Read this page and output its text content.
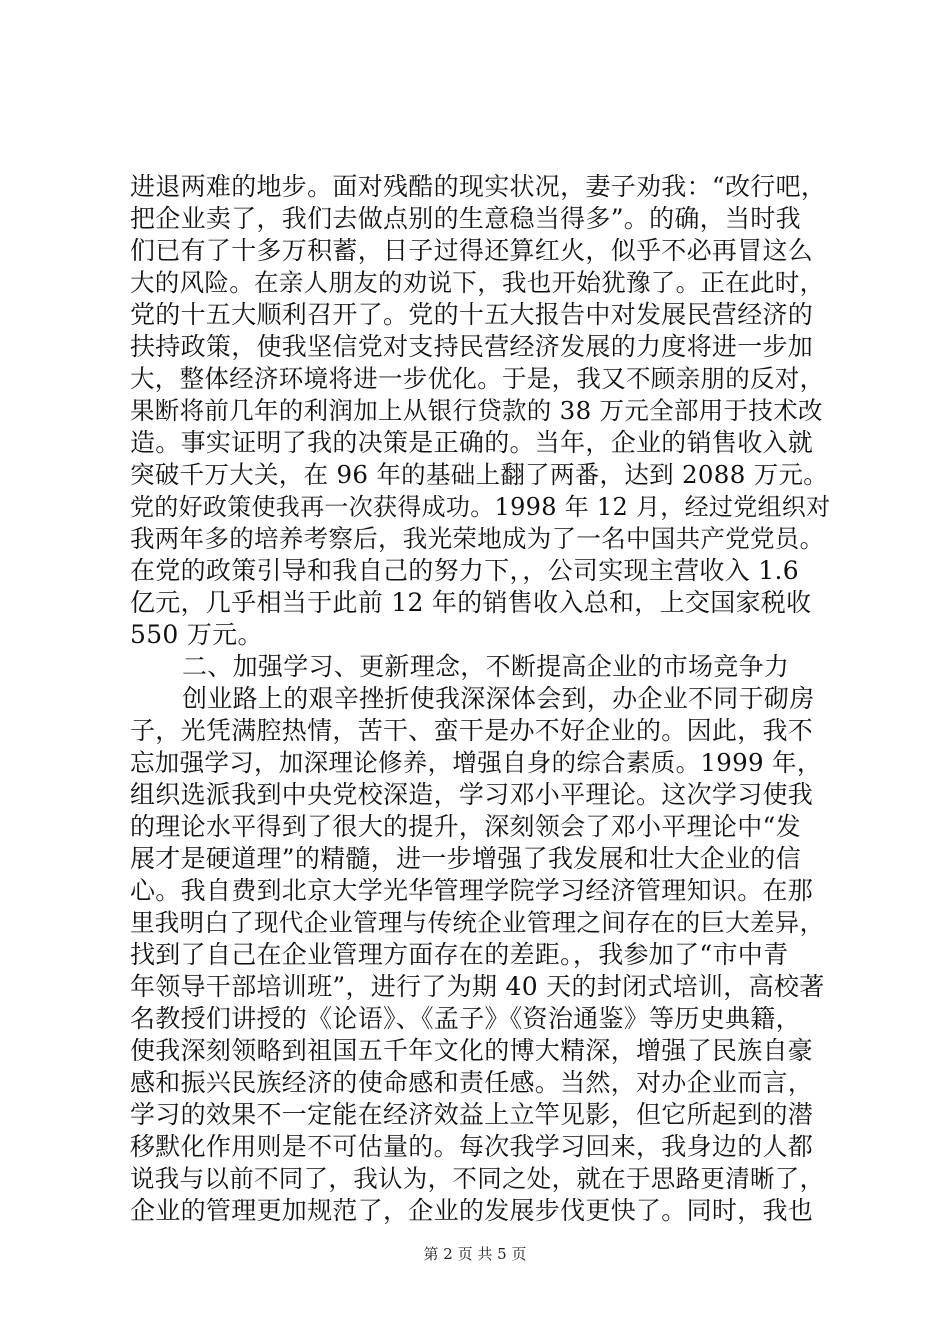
进退两难的地步。面对残酷的现实状况，妻子劝我：“改行吧，
把企业卖了，我们去做点别的生意稳当得多”。的确，当时我
们已有了十多万积蓄，日子过得还算红火，似乎不必再冒这么
大的风险。在亲人朋友的劝说下，我也开始犹豫了。正在此时，
党的十五大顺利召开了。党的十五大报告中对发展民营经济的
扶持政策，使我坚信党对支持民营经济发展的力度将进一步加
大，整体经济环境将进一步优化。于是，我又不顾亲朋的反对，
果断将前几年的利润加上从银行贷款的 38 万元全部用于技术改
造。事实证明了我的决策是正确的。当年，企业的销售收入就
突破千万大关，在 96 年的基础上翻了两番，达到 2088 万元。
党的好政策使我再一次获得成功。1998 年 12 月，经过党组织对
我两年多的培养考察后，我光荣地成为了一名中国共产党党员。
在党的政策引导和我自己的努力下，，公司实现主营收入 1.6
亿元，几乎相当于此前 12 年的销售收入总和，上交国家税收
550 万元。
二、加强学习、更新理念，不断提高企业的市场竞争力
创业路上的艰辛挫折使我深深体会到，办企业不同于砌房
子，光凭满腔热情，苦干、蛮干是办不好企业的。因此，我不
忘加强学习，加深理论修养，增强自身的综合素质。1999 年，
组织选派我到中央党校深造，学习邓小平理论。这次学习使我
的理论水平得到了很大的提升，深刻领会了邓小平理论中“发
展才是硬道理”的精髓，进一步增强了我发展和壮大企业的信
心。我自费到北京大学光华管理学院学习经济管理知识。在那
里我明白了现代企业管理与传统企业管理之间存在的巨大差异，
找到了自己在企业管理方面存在的差距。，我参加了“市中青
年领导干部培训班”，进行了为期 40 天的封闭式培训，高校著
名教授们讲授的《论语》、《孟子》《资治通鉴》等历史典籍，
使我深刻领略到祖国五千年文化的博大精深，增强了民族自豪
感和振兴民族经济的使命感和责任感。当然，对办企业而言，
学习的效果不一定能在经济效益上立竿见影，但它所起到的潜
移默化作用则是不可估量的。每次我学习回来，我身边的人都
说我与以前不同了，我认为，不同之处，就在于思路更清晰了，
企业的管理更加规范了，企业的发展步伐更快了。同时，我也
第 2 页 共 5 页
